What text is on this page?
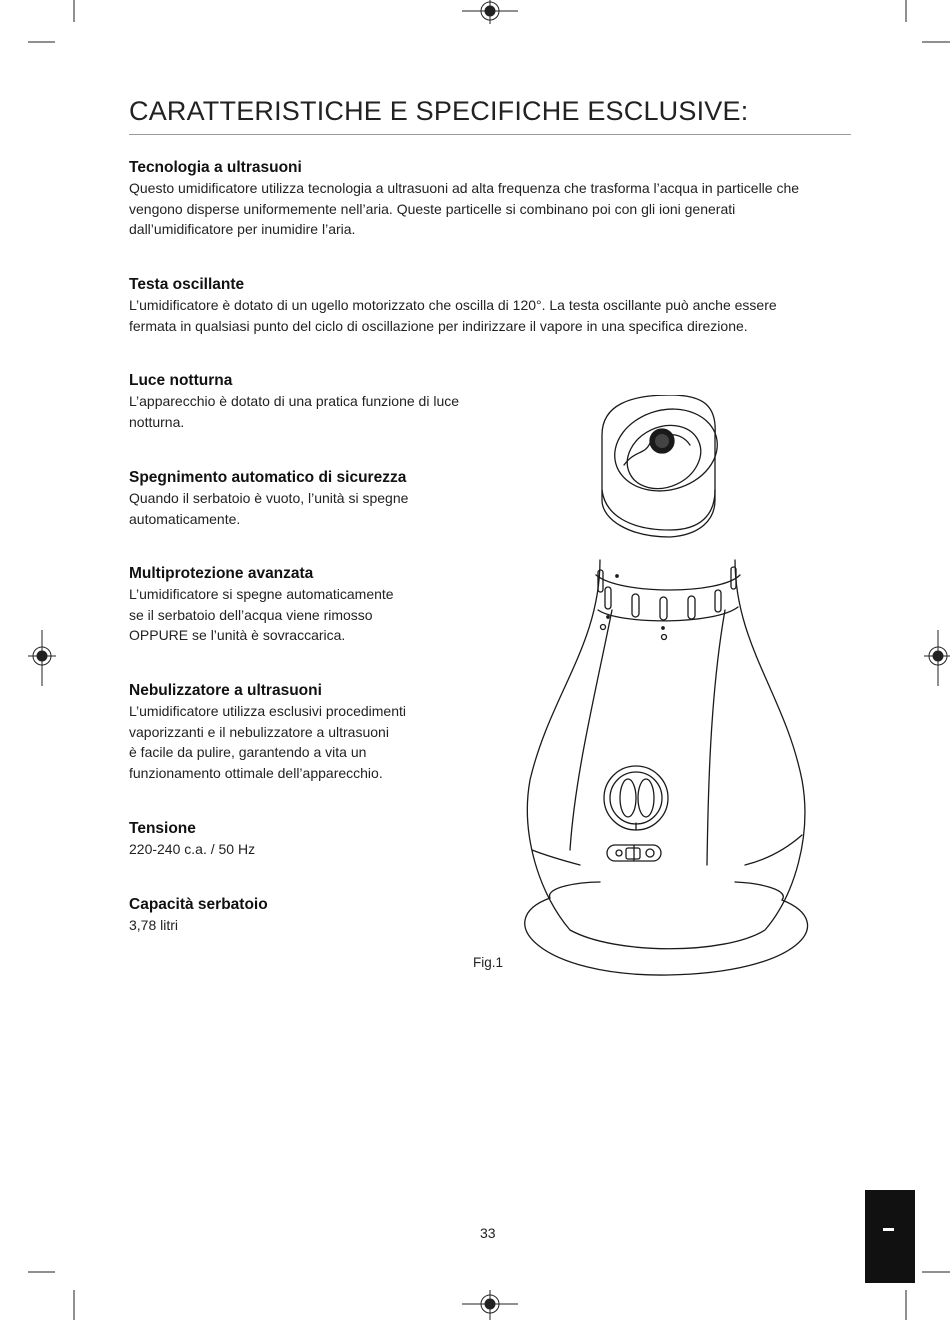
CARATTERISTICHE E SPECIFICHE ESCLUSIVE:
Tecnologia a ultrasuoni

Questo umidificatore utilizza tecnologia a ultrasuoni ad alta frequenza che trasforma l’acqua in particelle che

vengono disperse uniformemente nell’aria. Queste particelle si combinano poi con gli ioni generati

dall’umidificatore per inumidire l’aria.

Testa oscillante

L’umidificatore è dotato di un ugello motorizzato che oscilla di 120°. La testa oscillante può anche essere

fermata in qualsiasi punto del ciclo di oscillazione per indirizzare il vapore in una specifica direzione.

Luce notturna

L’apparecchio è dotato di una pratica funzione di luce

notturna.

Spegnimento automatico di sicurezza

Quando il serbatoio è vuoto, l’unità si spegne

automaticamente.

Multiprotezione avanzata

L’umidificatore si spegne automaticamente

se il serbatoio dell’acqua viene rimosso

OPPURE se l’unità è sovraccarica.

Nebulizzatore a ultrasuoni

L’umidificatore utilizza esclusivi procedimenti

vaporizzanti e il nebulizzatore a ultrasuoni

è facile da pulire, garantendo a vita un

funzionamento ottimale dell’apparecchio.

Tensione

220-240 c.a. / 50 Hz

Capacità serbatoio

3,78 litri

Fig.1
33
